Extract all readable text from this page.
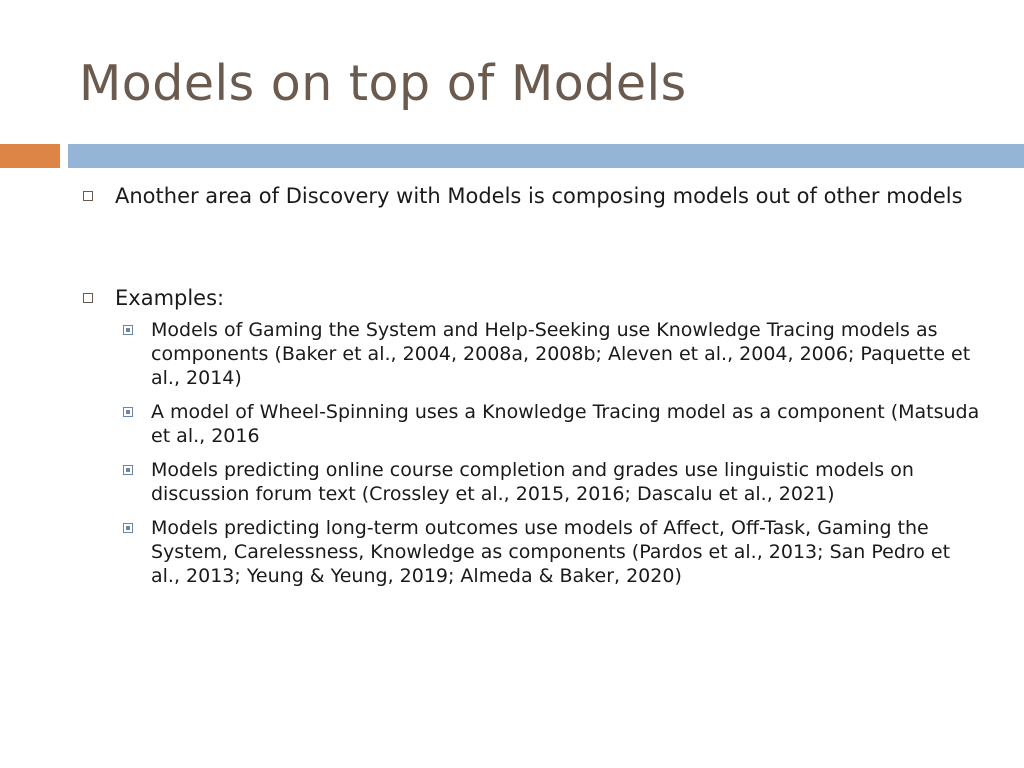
Models on top of Models
Another area of Discovery with Models is composing models out of other models
Examples:
Models of Gaming the System and Help-Seeking use Knowledge Tracing models as components (Baker et al., 2004, 2008a, 2008b; Aleven et al., 2004, 2006; Paquette et al., 2014)
A model of Wheel-Spinning uses a Knowledge Tracing model as a component (Matsuda et al., 2016
Models predicting online course completion and grades use linguistic models on discussion forum text (Crossley et al., 2015, 2016; Dascalu et al., 2021)
Models predicting long-term outcomes use models of Affect, Off-Task, Gaming the System, Carelessness, Knowledge as components (Pardos et al., 2013; San Pedro et al., 2013; Yeung & Yeung, 2019; Almeda & Baker, 2020)
